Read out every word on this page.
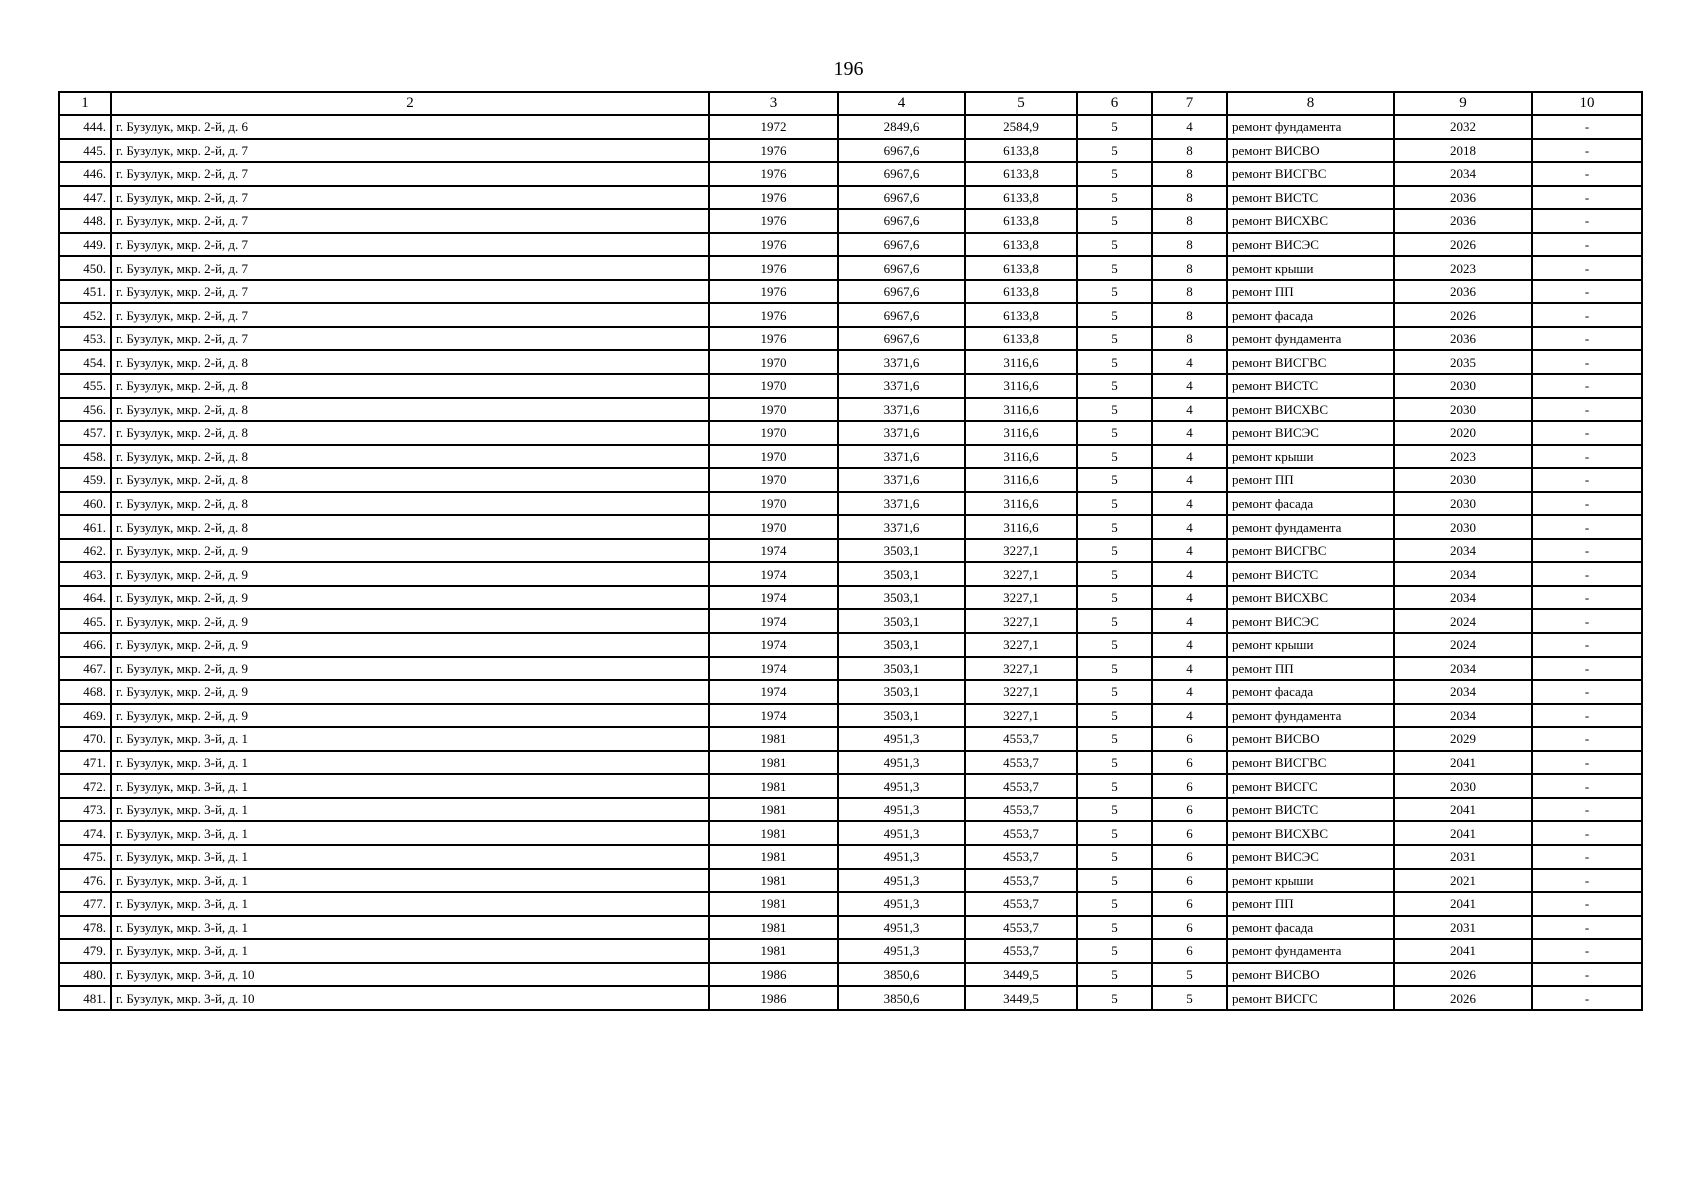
196
1	2	3	4	5	6	7	8	9	10
444.	г. Бузулук, мкр. 2-й, д. 6	1972	2849,6	2584,9	5	4	ремонт фундамента	2032	-
445.	г. Бузулук, мкр. 2-й, д. 7	1976	6967,6	6133,8	5	8	ремонт ВИСВО	2018	-
446.	г. Бузулук, мкр. 2-й, д. 7	1976	6967,6	6133,8	5	8	ремонт ВИСГВС	2034	-
447.	г. Бузулук, мкр. 2-й, д. 7	1976	6967,6	6133,8	5	8	ремонт ВИСТС	2036	-
448.	г. Бузулук, мкр. 2-й, д. 7	1976	6967,6	6133,8	5	8	ремонт ВИСХВС	2036	-
449.	г. Бузулук, мкр. 2-й, д. 7	1976	6967,6	6133,8	5	8	ремонт ВИСЭС	2026	-
450.	г. Бузулук, мкр. 2-й, д. 7	1976	6967,6	6133,8	5	8	ремонт крыши	2023	-
451.	г. Бузулук, мкр. 2-й, д. 7	1976	6967,6	6133,8	5	8	ремонт ПП	2036	-
452.	г. Бузулук, мкр. 2-й, д. 7	1976	6967,6	6133,8	5	8	ремонт фасада	2026	-
453.	г. Бузулук, мкр. 2-й, д. 7	1976	6967,6	6133,8	5	8	ремонт фундамента	2036	-
454.	г. Бузулук, мкр. 2-й, д. 8	1970	3371,6	3116,6	5	4	ремонт ВИСГВС	2035	-
455.	г. Бузулук, мкр. 2-й, д. 8	1970	3371,6	3116,6	5	4	ремонт ВИСТС	2030	-
456.	г. Бузулук, мкр. 2-й, д. 8	1970	3371,6	3116,6	5	4	ремонт ВИСХВС	2030	-
457.	г. Бузулук, мкр. 2-й, д. 8	1970	3371,6	3116,6	5	4	ремонт ВИСЭС	2020	-
458.	г. Бузулук, мкр. 2-й, д. 8	1970	3371,6	3116,6	5	4	ремонт крыши	2023	-
459.	г. Бузулук, мкр. 2-й, д. 8	1970	3371,6	3116,6	5	4	ремонт ПП	2030	-
460.	г. Бузулук, мкр. 2-й, д. 8	1970	3371,6	3116,6	5	4	ремонт фасада	2030	-
461.	г. Бузулук, мкр. 2-й, д. 8	1970	3371,6	3116,6	5	4	ремонт фундамента	2030	-
462.	г. Бузулук, мкр. 2-й, д. 9	1974	3503,1	3227,1	5	4	ремонт ВИСГВС	2034	-
463.	г. Бузулук, мкр. 2-й, д. 9	1974	3503,1	3227,1	5	4	ремонт ВИСТС	2034	-
464.	г. Бузулук, мкр. 2-й, д. 9	1974	3503,1	3227,1	5	4	ремонт ВИСХВС	2034	-
465.	г. Бузулук, мкр. 2-й, д. 9	1974	3503,1	3227,1	5	4	ремонт ВИСЭС	2024	-
466.	г. Бузулук, мкр. 2-й, д. 9	1974	3503,1	3227,1	5	4	ремонт крыши	2024	-
467.	г. Бузулук, мкр. 2-й, д. 9	1974	3503,1	3227,1	5	4	ремонт ПП	2034	-
468.	г. Бузулук, мкр. 2-й, д. 9	1974	3503,1	3227,1	5	4	ремонт фасада	2034	-
469.	г. Бузулук, мкр. 2-й, д. 9	1974	3503,1	3227,1	5	4	ремонт фундамента	2034	-
470.	г. Бузулук, мкр. 3-й, д. 1	1981	4951,3	4553,7	5	6	ремонт ВИСВО	2029	-
471.	г. Бузулук, мкр. 3-й, д. 1	1981	4951,3	4553,7	5	6	ремонт ВИСГВС	2041	-
472.	г. Бузулук, мкр. 3-й, д. 1	1981	4951,3	4553,7	5	6	ремонт ВИСГС	2030	-
473.	г. Бузулук, мкр. 3-й, д. 1	1981	4951,3	4553,7	5	6	ремонт ВИСТС	2041	-
474.	г. Бузулук, мкр. 3-й, д. 1	1981	4951,3	4553,7	5	6	ремонт ВИСХВС	2041	-
475.	г. Бузулук, мкр. 3-й, д. 1	1981	4951,3	4553,7	5	6	ремонт ВИСЭС	2031	-
476.	г. Бузулук, мкр. 3-й, д. 1	1981	4951,3	4553,7	5	6	ремонт крыши	2021	-
477.	г. Бузулук, мкр. 3-й, д. 1	1981	4951,3	4553,7	5	6	ремонт ПП	2041	-
478.	г. Бузулук, мкр. 3-й, д. 1	1981	4951,3	4553,7	5	6	ремонт фасада	2031	-
479.	г. Бузулук, мкр. 3-й, д. 1	1981	4951,3	4553,7	5	6	ремонт фундамента	2041	-
480.	г. Бузулук, мкр. 3-й, д. 10	1986	3850,6	3449,5	5	5	ремонт ВИСВО	2026	-
481.	г. Бузулук, мкр. 3-й, д. 10	1986	3850,6	3449,5	5	5	ремонт ВИСГС	2026	-
